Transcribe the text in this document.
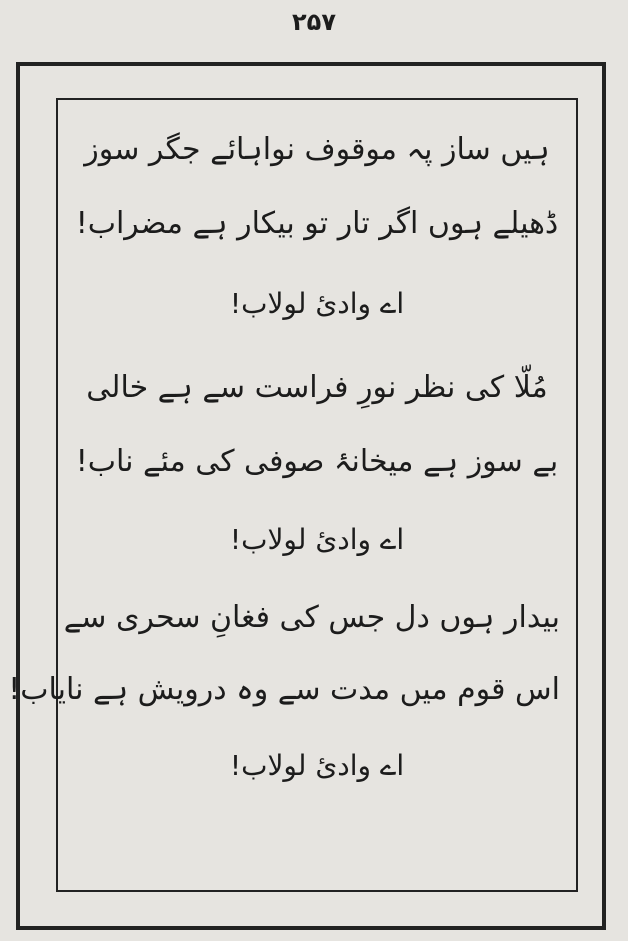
۲۵۷
ہیں ساز پہ موقوف نواہائے جگر سوز
ڈھیلے ہوں اگر تار تو بیکار ہے مضراب!
اے وادیٔ لولاب!
مُلّا کی نظر نورِ فراست سے ہے خالی
بے سوز ہے میخانۂ صوفی کی مئے ناب!
اے وادیٔ لولاب!
بیدار ہوں دل جس کی فغانِ سحری سے
اس قوم میں مدت سے وہ درویش ہے نایاب!
اے وادیٔ لولاب!
